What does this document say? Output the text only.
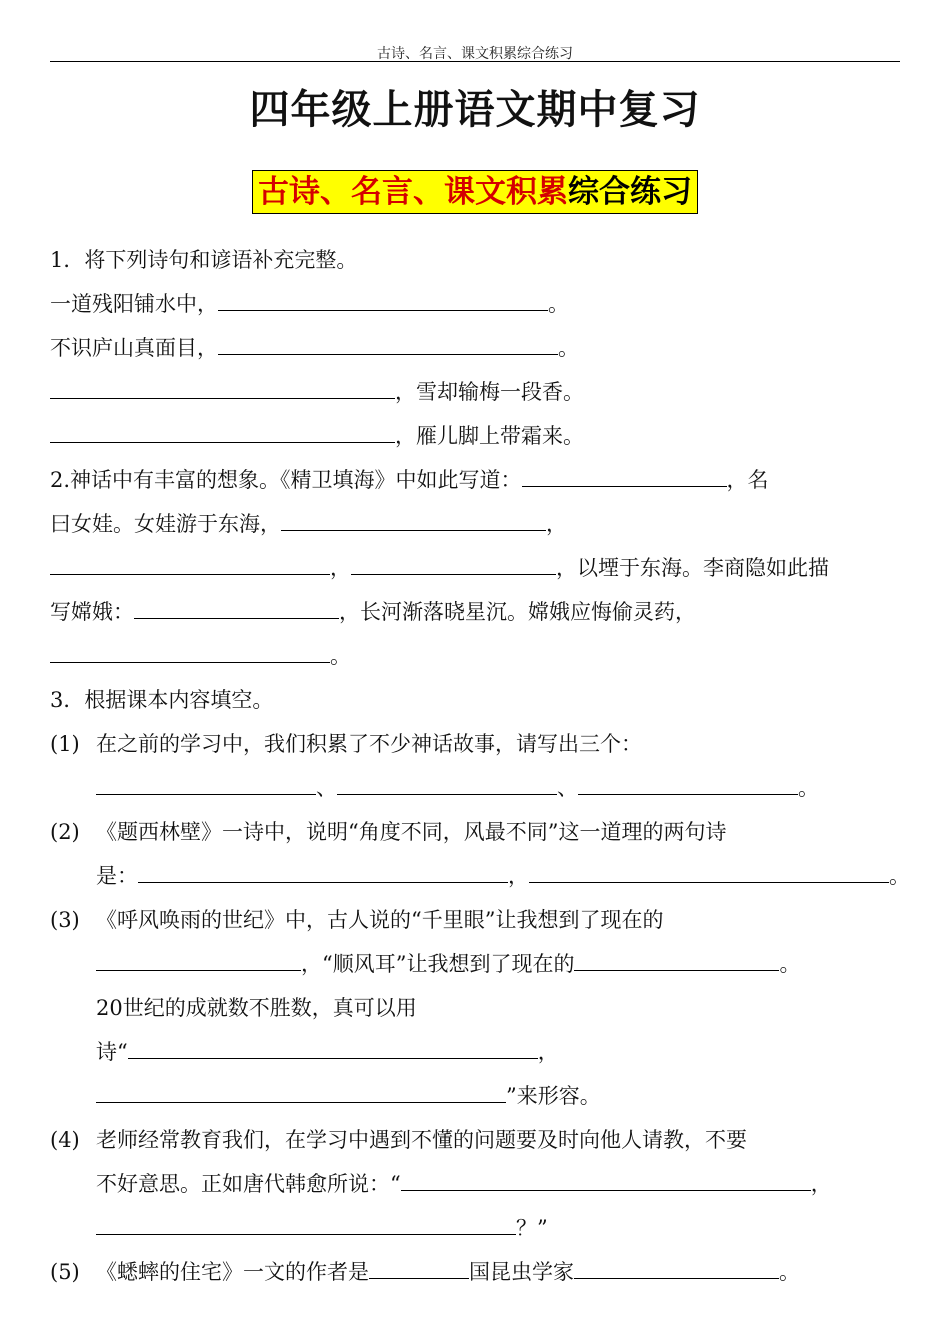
古诗、名言、课文积累综合练习
四年级上册语文期中复习
古诗、名言、课文积累综合练习
1．将下列诗句和谚语补充完整。
一道残阳铺水中，	。
不识庐山真面目，	。
，雪却输梅一段香。
，雁儿脚上带霜来。
2.神话中有丰富的想象。《精卫填海》中如此写道：	，名
曰女娃。女娃游于东海，	，
，	，以堙于东海。李商隐如此描
写嫦娥：	，长河渐落晓星沉。嫦娥应悔偷灵药，
。
3．根据课本内容填空。
(1) 在之前的学习中，我们积累了不少神话故事，请写出三个：
、	、	。
(2) 《题西林壁》一诗中，说明“角度不同，风最不同”这一道理的两句诗
是：	，	。
(3) 《呼风唤雨的世纪》中，古人说的“千里眼”让我想到了现在的
，“顺风耳”让我想到了现在的	。
20世纪的成就数不胜数，真可以用
诗“	，
”来形容。
(4) 老师经常教育我们，在学习中遇到不懂的问题要及时向他人请教，不要
不好意思。正如唐代韩愈所说：“	，
？”
(5) 《蟋蟀的住宅》一文的作者是	国昆虫学家	。
